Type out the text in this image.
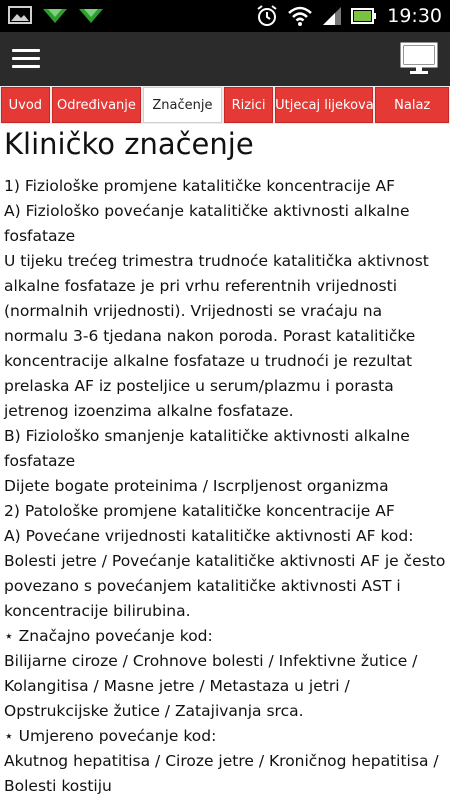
19:30
Uvod	Određivanje	Značenje	Rizici Utjecaj lijekova	Nalaz
Kliničko značenje
1) Fiziološke promjene katalitičke koncentracije AF
A) Fiziološko povećanje katalitičke aktivnosti alkalne fosfataze
U tijeku trećeg trimestra trudnoće katalitička aktivnost alkalne fosfataze je pri vrhu referentnih vrijednosti (normalnih vrijednosti). Vrijednosti se vraćaju na normalu 3-6 tjedana nakon poroda. Porast katalitičke koncentracije alkalne fosfataze u trudnoći je rezultat prelaska AF iz posteljice u serum/plazmu i porasta jetrenog izoenzima alkalne fosfataze.
B) Fiziološko smanjenje katalitičke aktivnosti alkalne fosfataze
Dijete bogate proteinima / Iscrpljenost organizma
2) Patološke promjene katalitičke koncentracije AF
A) Povećane vrijednosti katalitičke aktivnosti AF kod:
Bolesti jetre / Povećanje katalitičke aktivnosti AF je često povezano s povećanjem katalitičke aktivnosti AST i koncentracije bilirubina.
⋆ Značajno povećanje kod:
Bilijarne ciroze / Crohnove bolesti / Infektivne žutice / Kolangitisa / Masne jetre / Metastaza u jetri / Opstrukcijske žutice / Zatajivanja srca.
⋆ Umjereno povećanje kod:
Akutnog hepatitisa / Ciroze jetre / Kroničnog hepatitisa / Bolesti kostiju
